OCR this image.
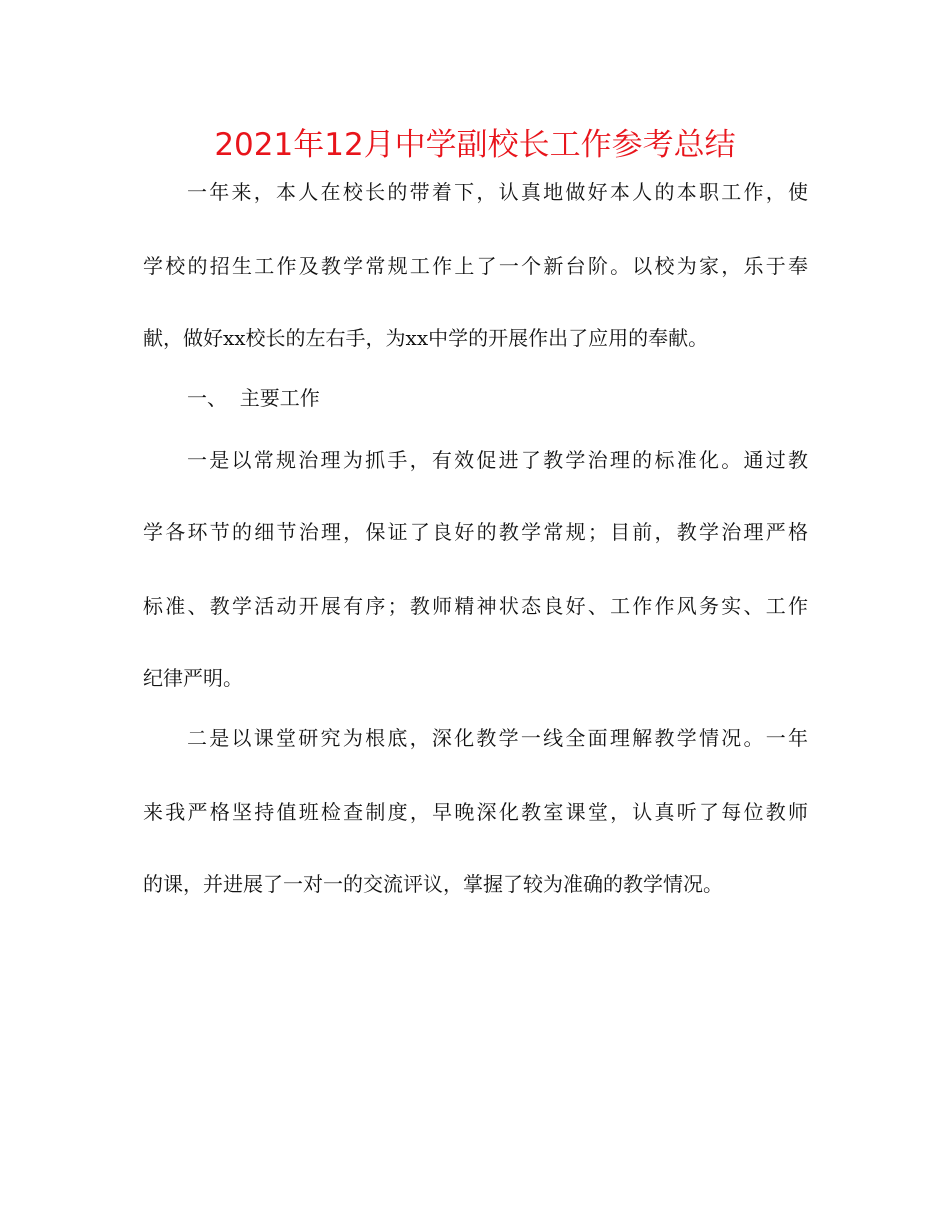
2021年12月中学副校长工作参考总结
一年来，本人在校长的带着下，认真地做好本人的本职工作，使
学校的招生工作及教学常规工作上了一个新台阶。以校为家，乐于奉
献，做好xx校长的左右手，为xx中学的开展作出了应用的奉献。
一、  主要工作
一是以常规治理为抓手，有效促进了教学治理的标准化。通过教
学各环节的细节治理，保证了良好的教学常规；目前，教学治理严格
标准、教学活动开展有序；教师精神状态良好、工作作风务实、工作
纪律严明。
二是以课堂研究为根底，深化教学一线全面理解教学情况。一年
来我严格坚持值班检查制度，早晚深化教室课堂，认真听了每位教师
的课，并进展了一对一的交流评议，掌握了较为准确的教学情况。
